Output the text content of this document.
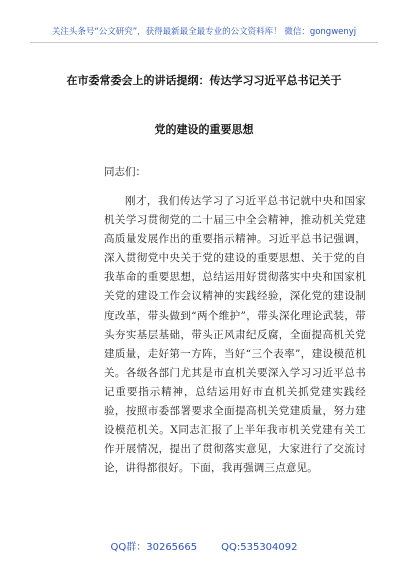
关注头条号“公文研究”，获得最新最全最专业的公文资料库！ 微信：gongwenyj
在市委常委会上的讲话提纲：传达学习习近平总书记关于
党的建设的重要思想
同志们：
刚才，我们传达学习了习近平总书记就中央和国家机关学习贯彻党的二十届三中全会精神，推动机关党建高质量发展作出的重要指示精神。习近平总书记强调，深入贯彻党中央关于党的建设的重要思想、关于党的自我革命的重要思想，总结运用好贯彻落实中央和国家机关党的建设工作会议精神的实践经验，深化党的建设制度改革，带头做到“两个维护”，带头深化理论武装，带头夯实基层基础，带头正风肃纪反腐，全面提高机关党建质量，走好第一方阵，当好“三个表率”，建设模范机关。各级各部门尤其是市直机关要深入学习习近平总书记重要指示精神，总结运用好市直机关抓党建实践经验，按照市委部署要求全面提高机关党建质量，努力建设模范机关。X同志汇报了上半年我市机关党建有关工作开展情况，提出了贯彻落实意见，大家进行了交流讨论，讲得都很好。下面，我再强调三点意见。
QQ群：30265665 QQ:535304092
